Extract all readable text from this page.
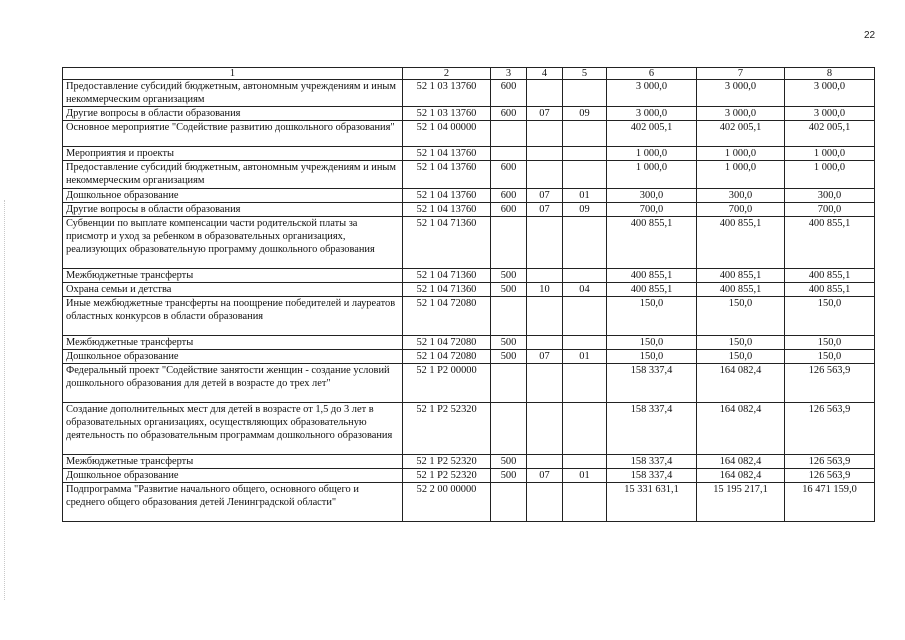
22
1	2	3	4	5	6	7	8
Предоставление субсидий бюджетным, автономным учреждениям и иным некоммерческим организациям	52 1 03 13760	600			3 000,0	3 000,0	3 000,0
Другие вопросы в области образования	52 1 03 13760	600	07	09	3 000,0	3 000,0	3 000,0
Основное мероприятие "Содействие развитию дошкольного образования"	52 1 04 00000				402 005,1	402 005,1	402 005,1
Мероприятия и проекты	52 1 04 13760				1 000,0	1 000,0	1 000,0
Предоставление субсидий бюджетным, автономным учреждениям и иным некоммерческим организациям	52 1 04 13760	600			1 000,0	1 000,0	1 000,0
Дошкольное образование	52 1 04 13760	600	07	01	300,0	300,0	300,0
Другие вопросы в области образования	52 1 04 13760	600	07	09	700,0	700,0	700,0
Субвенции по выплате компенсации части родительской платы за присмотр и уход за ребенком в образовательных организациях, реализующих образовательную программу дошкольного образования	52 1 04 71360				400 855,1	400 855,1	400 855,1
Межбюджетные трансферты	52 1 04 71360	500			400 855,1	400 855,1	400 855,1
Охрана семьи и детства	52 1 04 71360	500	10	04	400 855,1	400 855,1	400 855,1
Иные межбюджетные трансферты на поощрение победителей и лауреатов областных конкурсов в области образования	52 1 04 72080				150,0	150,0	150,0
Межбюджетные трансферты	52 1 04 72080	500			150,0	150,0	150,0
Дошкольное образование	52 1 04 72080	500	07	01	150,0	150,0	150,0
Федеральный проект "Содействие занятости женщин - создание условий дошкольного образования для детей в возрасте до трех лет"	52 1 P2 00000				158 337,4	164 082,4	126 563,9
Создание дополнительных мест для детей в возрасте от 1,5 до 3 лет в образовательных организациях, осуществляющих образовательную деятельность по образовательным программам дошкольного образования	52 1 P2 52320				158 337,4	164 082,4	126 563,9
Межбюджетные трансферты	52 1 P2 52320	500			158 337,4	164 082,4	126 563,9
Дошкольное образование	52 1 P2 52320	500	07	01	158 337,4	164 082,4	126 563,9
Подпрограмма "Развитие начального общего, основного общего и среднего общего образования детей Ленинградской области"	52 2 00 00000				15 331 631,1	15 195 217,1	16 471 159,0
